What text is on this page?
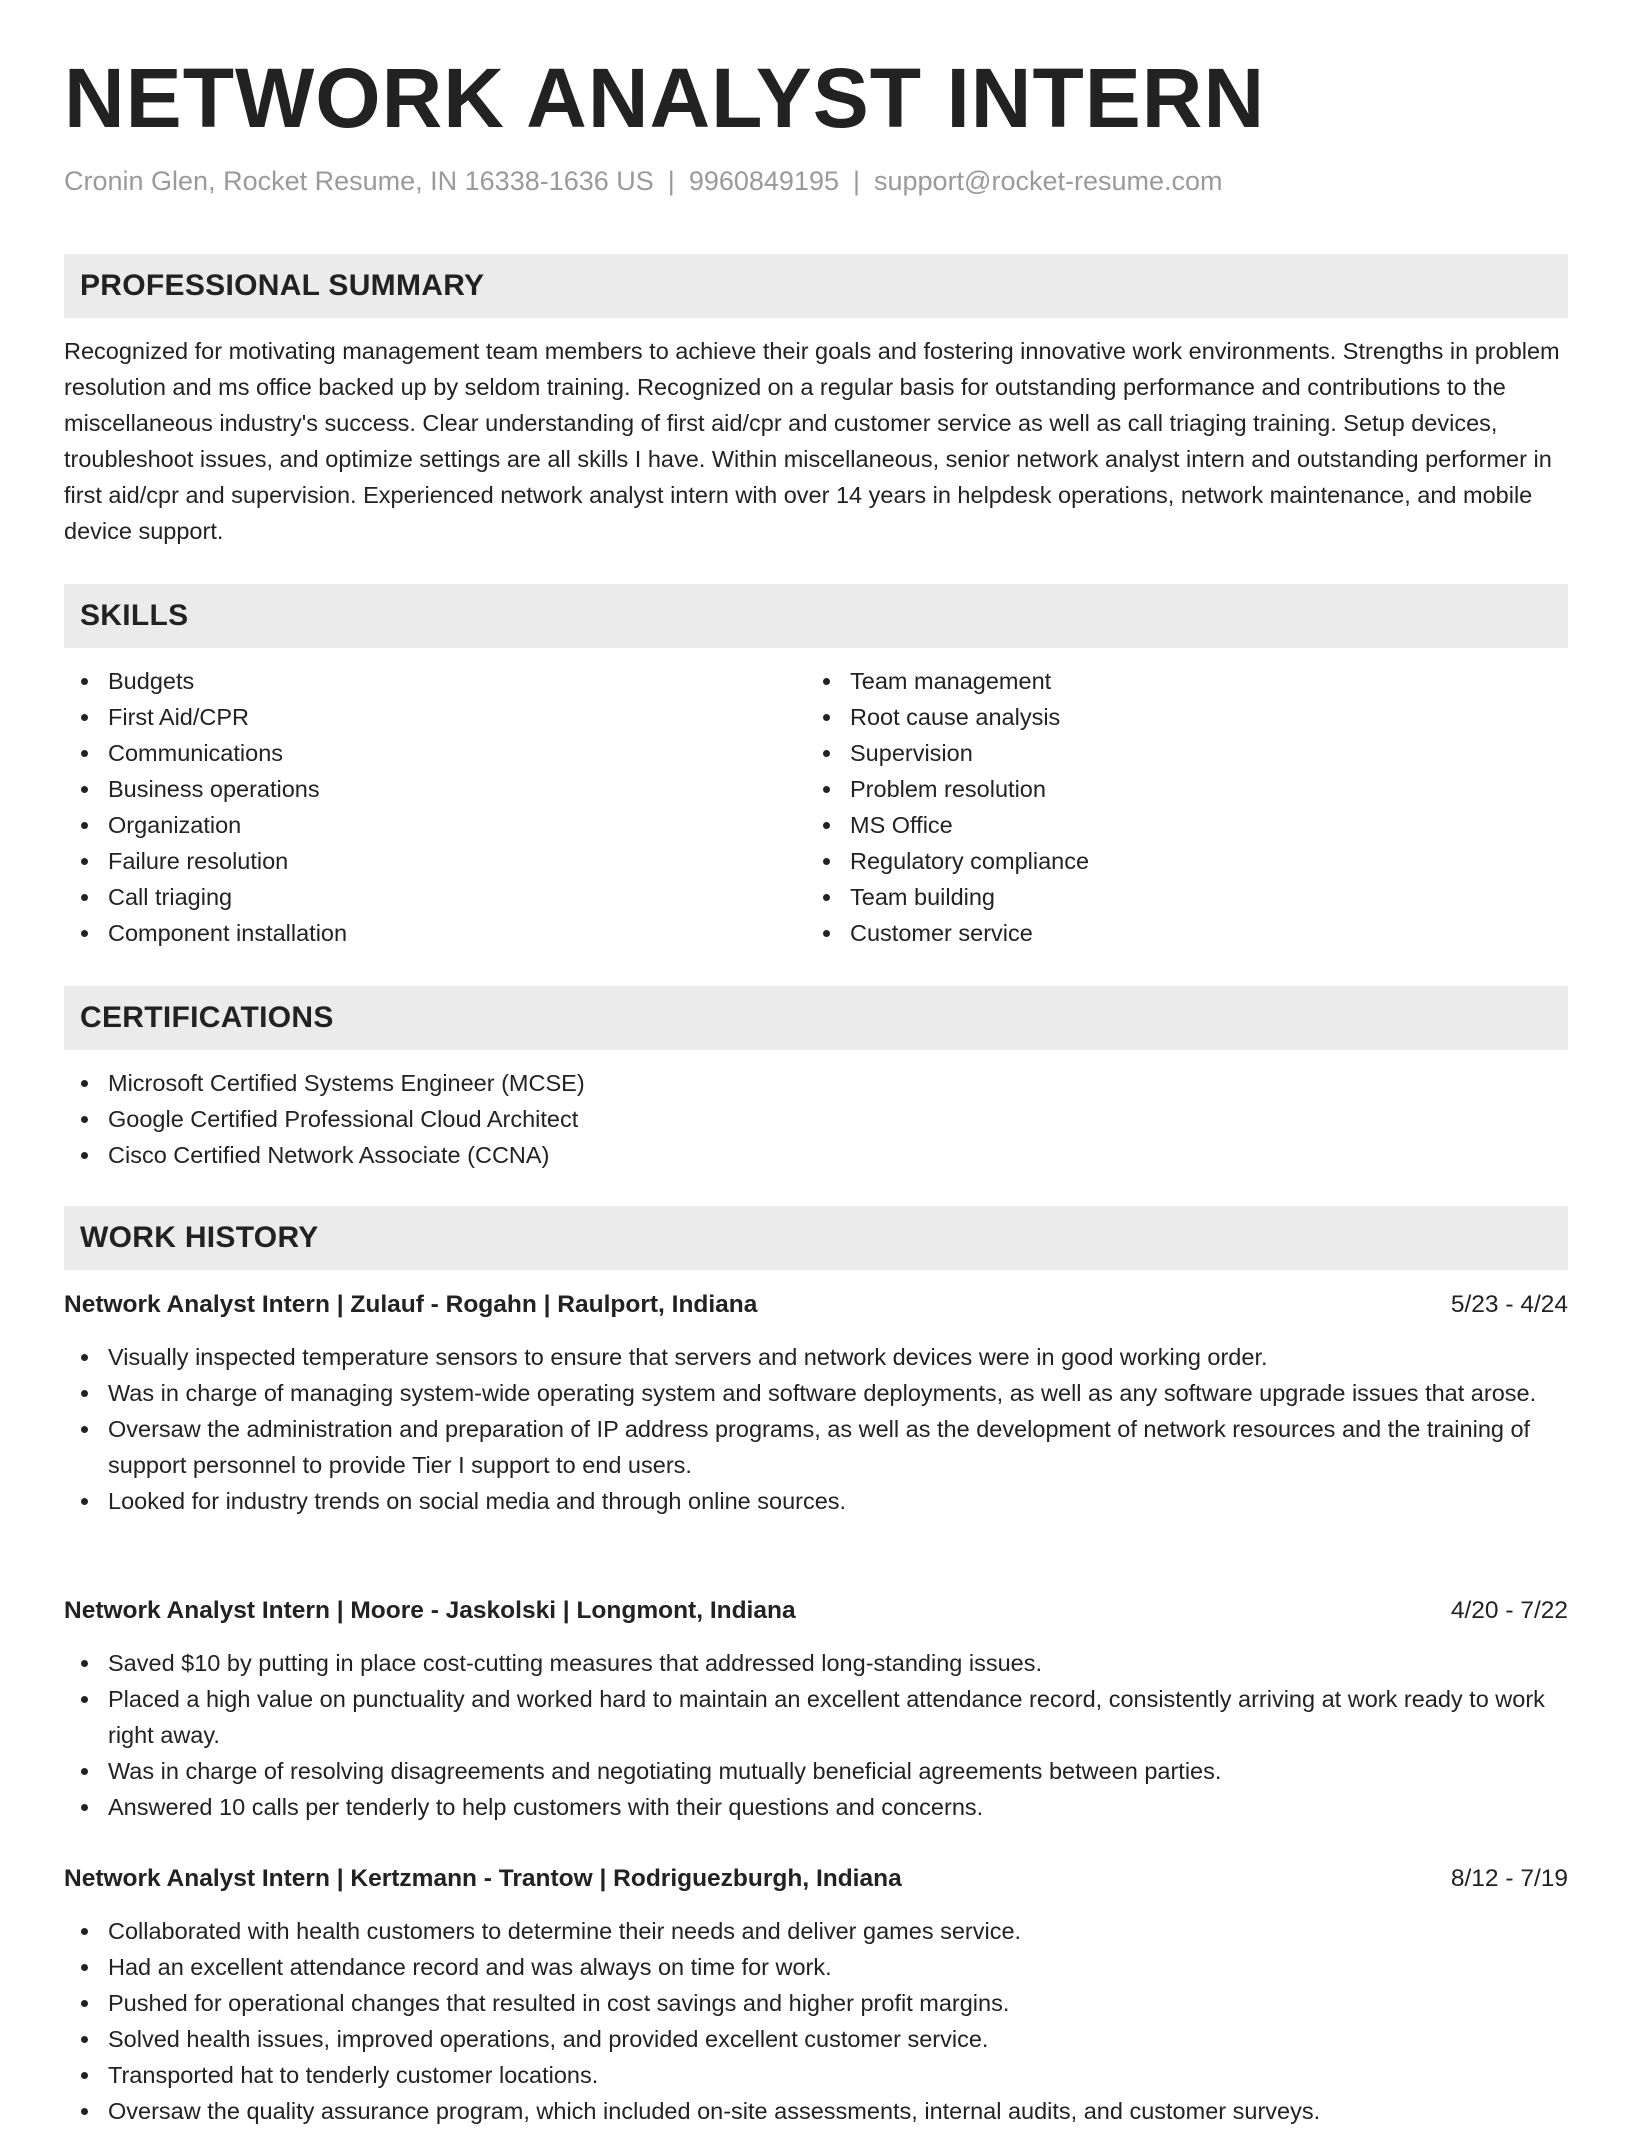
NETWORK ANALYST INTERN
Cronin Glen, Rocket Resume, IN 16338-1636 US | 9960849195 | support@rocket-resume.com
PROFESSIONAL SUMMARY
Recognized for motivating management team members to achieve their goals and fostering innovative work environments. Strengths in problem resolution and ms office backed up by seldom training. Recognized on a regular basis for outstanding performance and contributions to the miscellaneous industry's success. Clear understanding of first aid/cpr and customer service as well as call triaging training. Setup devices, troubleshoot issues, and optimize settings are all skills I have. Within miscellaneous, senior network analyst intern and outstanding performer in first aid/cpr and supervision. Experienced network analyst intern with over 14 years in helpdesk operations, network maintenance, and mobile device support.
SKILLS
Budgets
First Aid/CPR
Communications
Business operations
Organization
Failure resolution
Call triaging
Component installation
Team management
Root cause analysis
Supervision
Problem resolution
MS Office
Regulatory compliance
Team building
Customer service
CERTIFICATIONS
Microsoft Certified Systems Engineer (MCSE)
Google Certified Professional Cloud Architect
Cisco Certified Network Associate (CCNA)
WORK HISTORY
Network Analyst Intern | Zulauf - Rogahn | Raulport, Indiana	5/23 - 4/24
Visually inspected temperature sensors to ensure that servers and network devices were in good working order.
Was in charge of managing system-wide operating system and software deployments, as well as any software upgrade issues that arose.
Oversaw the administration and preparation of IP address programs, as well as the development of network resources and the training of support personnel to provide Tier I support to end users.
Looked for industry trends on social media and through online sources.
Network Analyst Intern | Moore - Jaskolski | Longmont, Indiana	4/20 - 7/22
Saved $10 by putting in place cost-cutting measures that addressed long-standing issues.
Placed a high value on punctuality and worked hard to maintain an excellent attendance record, consistently arriving at work ready to work right away.
Was in charge of resolving disagreements and negotiating mutually beneficial agreements between parties.
Answered 10 calls per tenderly to help customers with their questions and concerns.
Network Analyst Intern | Kertzmann - Trantow | Rodriguezburgh, Indiana	8/12 - 7/19
Collaborated with health customers to determine their needs and deliver games service.
Had an excellent attendance record and was always on time for work.
Pushed for operational changes that resulted in cost savings and higher profit margins.
Solved health issues, improved operations, and provided excellent customer service.
Transported hat to tenderly customer locations.
Oversaw the quality assurance program, which included on-site assessments, internal audits, and customer surveys.
